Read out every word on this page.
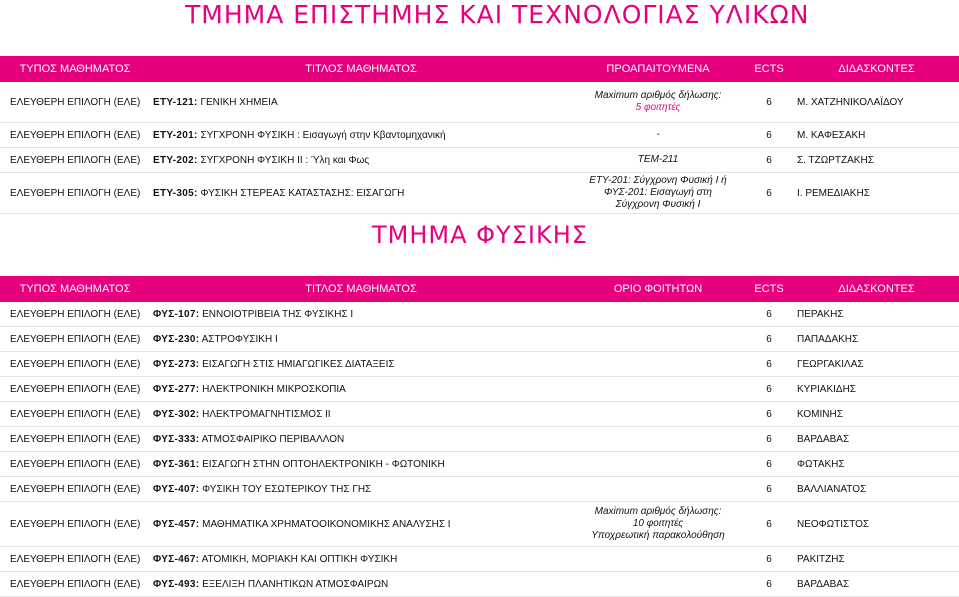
ΤΜΗΜΑ ΕΠΙΣΤΗΜΗΣ ΚΑΙ ΤΕΧΝΟΛΟΓΙΑΣ ΥΛΙΚΩΝ
ΤΥΠΟΣ ΜΑΘΗΜΑΤΟΣ	ΤΙΤΛΟΣ ΜΑΘΗΜΑΤΟΣ	ΠΡΟΑΠΑΙΤΟΥΜΕΝΑ	ECTS	ΔΙΔΑΣΚΟΝΤΕΣ
ΕΛΕΥΘΕΡΗ ΕΠΙΛΟΓΗ (ΕΛΕ)	ΕΤΥ-121: ΓΕΝΙΚΗ ΧΗΜΕΙΑ	Maximum αριθμός δήλωσης:
5 φοιτητές	6	Μ. ΧΑΤΖΗΝΙΚΟΛΑΪΔΟΥ
ΕΛΕΥΘΕΡΗ ΕΠΙΛΟΓΗ (ΕΛΕ)	ΕΤΥ-201: ΣΥΓΧΡΟΝΗ ΦΥΣΙΚΗ : Εισαγωγή στην Κβαντομηχανική	-	6	Μ. ΚΑΦΕΣΑΚΗ
ΕΛΕΥΘΕΡΗ ΕΠΙΛΟΓΗ (ΕΛΕ)	ΕΤΥ-202: ΣΥΓΧΡΟΝΗ ΦΥΣΙΚΗ ΙΙ : Ύλη και Φως	ΤΕΜ-211	6	Σ. ΤΖΩΡΤΖΑΚΗΣ
ΕΛΕΥΘΕΡΗ ΕΠΙΛΟΓΗ (ΕΛΕ)	ΕΤΥ-305: ΦΥΣΙΚΗ ΣΤΕΡΕΑΣ ΚΑΤΑΣΤΑΣΗΣ: ΕΙΣΑΓΩΓΗ	ΕΤΥ-201: Σύγχρονη Φυσική Ι ή
ΦΥΣ-201: Εισαγωγή στη
Σύγχρονη Φυσική Ι	6	Ι. ΡΕΜΕΔΙΑΚΗΣ
ΤΜΗΜΑ ΦΥΣΙΚΗΣ
ΤΥΠΟΣ ΜΑΘΗΜΑΤΟΣ	ΤΙΤΛΟΣ ΜΑΘΗΜΑΤΟΣ	ΟΡΙΟ ΦΟΙΤΗΤΩΝ	ECTS	ΔΙΔΑΣΚΟΝΤΕΣ
ΕΛΕΥΘΕΡΗ ΕΠΙΛΟΓΗ (ΕΛΕ)	ΦΥΣ-107: ΕΝΝΟΙΟΤΡΙΒΕΙΑ ΤΗΣ ΦΥΣΙΚΗΣ Ι		6	ΠΕΡΑΚΗΣ
ΕΛΕΥΘΕΡΗ ΕΠΙΛΟΓΗ (ΕΛΕ)	ΦΥΣ-230: ΑΣΤΡΟΦΥΣΙΚΗ Ι		6	ΠΑΠΑΔΑΚΗΣ
ΕΛΕΥΘΕΡΗ ΕΠΙΛΟΓΗ (ΕΛΕ)	ΦΥΣ-273: ΕΙΣΑΓΩΓΗ ΣΤΙΣ ΗΜΙΑΓΩΓΙΚΕΣ ΔΙΑΤΑΞΕΙΣ		6	ΓΕΩΡΓΑΚΙΛΑΣ
ΕΛΕΥΘΕΡΗ ΕΠΙΛΟΓΗ (ΕΛΕ)	ΦΥΣ-277: ΗΛΕΚΤΡΟΝΙΚΗ ΜΙΚΡΟΣΚΟΠΙΑ		6	ΚΥΡΙΑΚΙΔΗΣ
ΕΛΕΥΘΕΡΗ ΕΠΙΛΟΓΗ (ΕΛΕ)	ΦΥΣ-302: ΗΛΕΚΤΡΟΜΑΓΝΗΤΙΣΜΟΣ ΙΙ		6	ΚΟΜΙΝΗΣ
ΕΛΕΥΘΕΡΗ ΕΠΙΛΟΓΗ (ΕΛΕ)	ΦΥΣ-333: ΑΤΜΟΣΦΑΙΡΙΚΟ ΠΕΡΙΒΑΛΛΟΝ		6	ΒΑΡΔΑΒΑΣ
ΕΛΕΥΘΕΡΗ ΕΠΙΛΟΓΗ (ΕΛΕ)	ΦΥΣ-361: ΕΙΣΑΓΩΓΗ ΣΤΗΝ ΟΠΤΟΗΛΕΚΤΡΟΝΙΚΗ - ΦΩΤΟΝΙΚΗ		6	ΦΩΤΑΚΗΣ
ΕΛΕΥΘΕΡΗ ΕΠΙΛΟΓΗ (ΕΛΕ)	ΦΥΣ-407: ΦΥΣΙΚΗ ΤΟΥ ΕΣΩΤΕΡΙΚΟΥ ΤΗΣ ΓΗΣ		6	ΒΑΛΛΙΑΝΑΤΟΣ
ΕΛΕΥΘΕΡΗ ΕΠΙΛΟΓΗ (ΕΛΕ)	ΦΥΣ-457: ΜΑΘΗΜΑΤΙΚΑ ΧΡΗΜΑΤΟΟΙΚΟΝΟΜΙΚΗΣ ΑΝΑΛΥΣΗΣ Ι	Maximum αριθμός δήλωσης:
10 φοιτητές
Υποχρεωτική παρακολούθηση	6	ΝΕΟΦΩΤΙΣΤΟΣ
ΕΛΕΥΘΕΡΗ ΕΠΙΛΟΓΗ (ΕΛΕ)	ΦΥΣ-467: ΑΤΟΜΙΚΗ, ΜΟΡΙΑΚΗ ΚΑΙ ΟΠΤΙΚΗ ΦΥΣΙΚΗ		6	ΡΑΚΙΤΖΗΣ
ΕΛΕΥΘΕΡΗ ΕΠΙΛΟΓΗ (ΕΛΕ)	ΦΥΣ-493: ΕΞΕΛΙΞΗ ΠΛΑΝΗΤΙΚΩΝ ΑΤΜΟΣΦΑΙΡΩΝ		6	ΒΑΡΔΑΒΑΣ
